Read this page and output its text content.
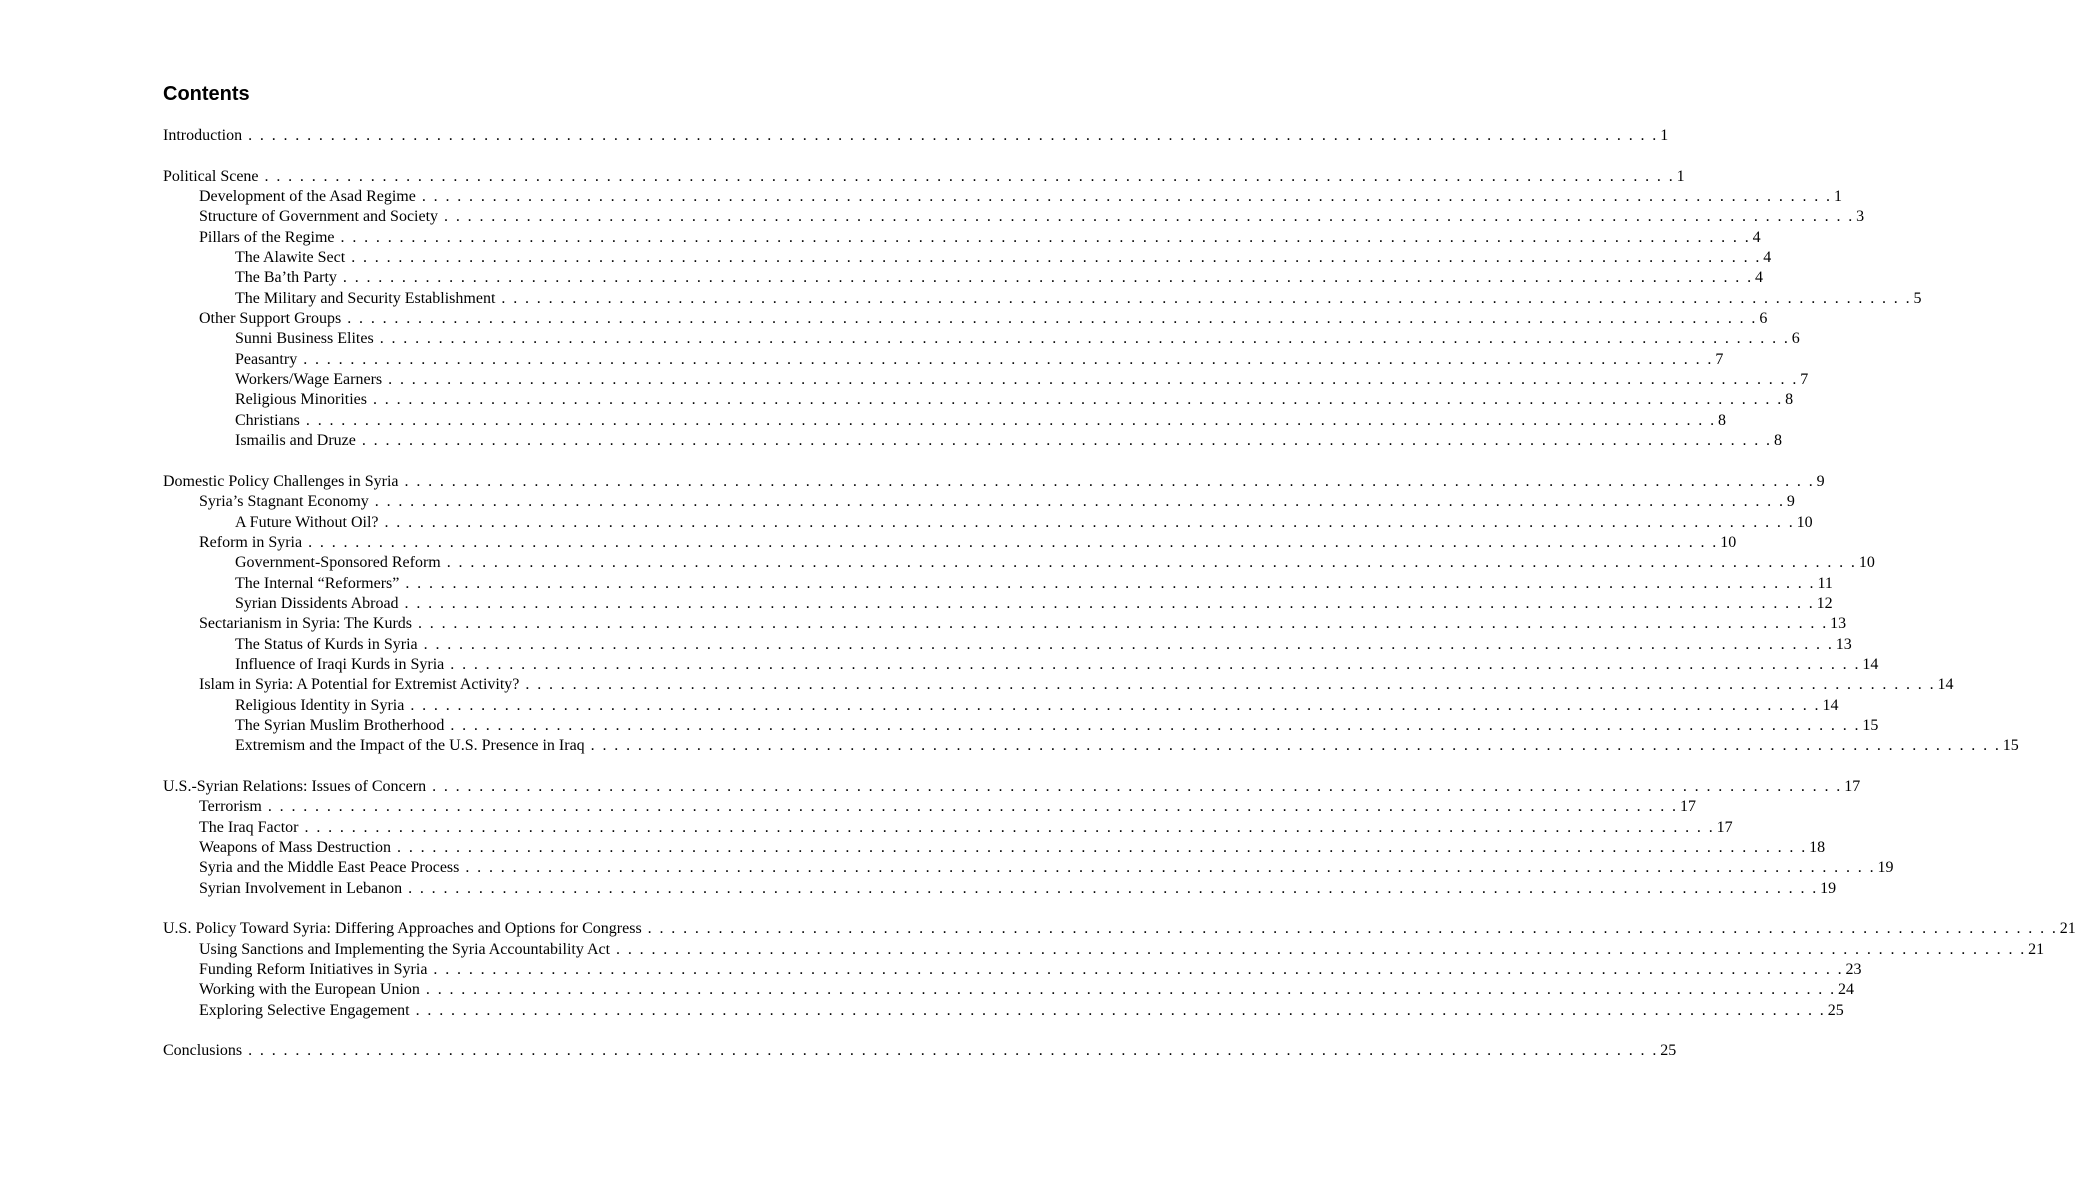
Contents
Introduction . . . . . . . . . . . . . . . . . . . . . . . . . . . . . . . . . . . . . . . . . . . . . . . . . . . . . . . . . . . . . . . . . . . . . . . . . . . . . . . . . . . . . . . . . . . . . . . . . . . . . . . . . . . . . . . . . . . . . . . . 1
Political Scene . . . . . . . . . . . . . . . . . . . . . . . . . . . . . . . . . . . . . . . . . . . . . . . . . . . . . . . . . . . . . . . . . . . . . . . . . . . . . . . . . . . . . . . . . . . . . . . . . . . . . . . . . . . . . . . . . . . . . . . . 1
Development of the Asad Regime . . . . . . . . . . . . . . . . . . . . . . . . . . . . . . . . . . . . . . . . . . . . . . . . . . . . . . . . . . . . . . . . . . . . . . . . . . . . . . . . . . . . . . . . . . . . . . . . . . . . . . . . . . . . . . . . . . . . . . . . 1
Structure of Government and Society . . . . . . . . . . . . . . . . . . . . . . . . . . . . . . . . . . . . . . . . . . . . . . . . . . . . . . . . . . . . . . . . . . . . . . . . . . . . . . . . . . . . . . . . . . . . . . . . . . . . . . . . . . . . . . . . . . . . . . . . 3
Pillars of the Regime . . . . . . . . . . . . . . . . . . . . . . . . . . . . . . . . . . . . . . . . . . . . . . . . . . . . . . . . . . . . . . . . . . . . . . . . . . . . . . . . . . . . . . . . . . . . . . . . . . . . . . . . . . . . . . . . . . . . . . . . 4
The Alawite Sect . . . . . . . . . . . . . . . . . . . . . . . . . . . . . . . . . . . . . . . . . . . . . . . . . . . . . . . . . . . . . . . . . . . . . . . . . . . . . . . . . . . . . . . . . . . . . . . . . . . . . . . . . . . . . . . . . . . . . . . . 4
The Ba’th Party . . . . . . . . . . . . . . . . . . . . . . . . . . . . . . . . . . . . . . . . . . . . . . . . . . . . . . . . . . . . . . . . . . . . . . . . . . . . . . . . . . . . . . . . . . . . . . . . . . . . . . . . . . . . . . . . . . . . . . . . 4
The Military and Security Establishment . . . . . . . . . . . . . . . . . . . . . . . . . . . . . . . . . . . . . . . . . . . . . . . . . . . . . . . . . . . . . . . . . . . . . . . . . . . . . . . . . . . . . . . . . . . . . . . . . . . . . . . . . . . . . . . . . . . . . . . . 5
Other Support Groups . . . . . . . . . . . . . . . . . . . . . . . . . . . . . . . . . . . . . . . . . . . . . . . . . . . . . . . . . . . . . . . . . . . . . . . . . . . . . . . . . . . . . . . . . . . . . . . . . . . . . . . . . . . . . . . . . . . . . . . . 6
Sunni Business Elites . . . . . . . . . . . . . . . . . . . . . . . . . . . . . . . . . . . . . . . . . . . . . . . . . . . . . . . . . . . . . . . . . . . . . . . . . . . . . . . . . . . . . . . . . . . . . . . . . . . . . . . . . . . . . . . . . . . . . . . . 6
Peasantry . . . . . . . . . . . . . . . . . . . . . . . . . . . . . . . . . . . . . . . . . . . . . . . . . . . . . . . . . . . . . . . . . . . . . . . . . . . . . . . . . . . . . . . . . . . . . . . . . . . . . . . . . . . . . . . . . . . . . . . . 7
Workers/Wage Earners . . . . . . . . . . . . . . . . . . . . . . . . . . . . . . . . . . . . . . . . . . . . . . . . . . . . . . . . . . . . . . . . . . . . . . . . . . . . . . . . . . . . . . . . . . . . . . . . . . . . . . . . . . . . . . . . . . . . . . . . 7
Religious Minorities . . . . . . . . . . . . . . . . . . . . . . . . . . . . . . . . . . . . . . . . . . . . . . . . . . . . . . . . . . . . . . . . . . . . . . . . . . . . . . . . . . . . . . . . . . . . . . . . . . . . . . . . . . . . . . . . . . . . . . . . 8
Christians . . . . . . . . . . . . . . . . . . . . . . . . . . . . . . . . . . . . . . . . . . . . . . . . . . . . . . . . . . . . . . . . . . . . . . . . . . . . . . . . . . . . . . . . . . . . . . . . . . . . . . . . . . . . . . . . . . . . . . . . 8
Ismailis and Druze . . . . . . . . . . . . . . . . . . . . . . . . . . . . . . . . . . . . . . . . . . . . . . . . . . . . . . . . . . . . . . . . . . . . . . . . . . . . . . . . . . . . . . . . . . . . . . . . . . . . . . . . . . . . . . . . . . . . . . . . 8
Domestic Policy Challenges in Syria . . . . . . . . . . . . . . . . . . . . . . . . . . . . . . . . . . . . . . . . . . . . . . . . . . . . . . . . . . . . . . . . . . . . . . . . . . . . . . . . . . . . . . . . . . . . . . . . . . . . . . . . . . . . . . . . . . . . . . . . 9
Syria’s Stagnant Economy . . . . . . . . . . . . . . . . . . . . . . . . . . . . . . . . . . . . . . . . . . . . . . . . . . . . . . . . . . . . . . . . . . . . . . . . . . . . . . . . . . . . . . . . . . . . . . . . . . . . . . . . . . . . . . . . . . . . . . . . 9
A Future Without Oil? . . . . . . . . . . . . . . . . . . . . . . . . . . . . . . . . . . . . . . . . . . . . . . . . . . . . . . . . . . . . . . . . . . . . . . . . . . . . . . . . . . . . . . . . . . . . . . . . . . . . . . . . . . . . . . . . . . . . . . . . 10
Reform in Syria . . . . . . . . . . . . . . . . . . . . . . . . . . . . . . . . . . . . . . . . . . . . . . . . . . . . . . . . . . . . . . . . . . . . . . . . . . . . . . . . . . . . . . . . . . . . . . . . . . . . . . . . . . . . . . . . . . . . . . . . 10
Government-Sponsored Reform . . . . . . . . . . . . . . . . . . . . . . . . . . . . . . . . . . . . . . . . . . . . . . . . . . . . . . . . . . . . . . . . . . . . . . . . . . . . . . . . . . . . . . . . . . . . . . . . . . . . . . . . . . . . . . . . . . . . . . . . 10
The Internal “Reformers” . . . . . . . . . . . . . . . . . . . . . . . . . . . . . . . . . . . . . . . . . . . . . . . . . . . . . . . . . . . . . . . . . . . . . . . . . . . . . . . . . . . . . . . . . . . . . . . . . . . . . . . . . . . . . . . . . . . . . . . . 11
Syrian Dissidents Abroad . . . . . . . . . . . . . . . . . . . . . . . . . . . . . . . . . . . . . . . . . . . . . . . . . . . . . . . . . . . . . . . . . . . . . . . . . . . . . . . . . . . . . . . . . . . . . . . . . . . . . . . . . . . . . . . . . . . . . . . . 12
Sectarianism in Syria: The Kurds . . . . . . . . . . . . . . . . . . . . . . . . . . . . . . . . . . . . . . . . . . . . . . . . . . . . . . . . . . . . . . . . . . . . . . . . . . . . . . . . . . . . . . . . . . . . . . . . . . . . . . . . . . . . . . . . . . . . . . . . 13
The Status of Kurds in Syria . . . . . . . . . . . . . . . . . . . . . . . . . . . . . . . . . . . . . . . . . . . . . . . . . . . . . . . . . . . . . . . . . . . . . . . . . . . . . . . . . . . . . . . . . . . . . . . . . . . . . . . . . . . . . . . . . . . . . . . . 13
Influence of Iraqi Kurds in Syria . . . . . . . . . . . . . . . . . . . . . . . . . . . . . . . . . . . . . . . . . . . . . . . . . . . . . . . . . . . . . . . . . . . . . . . . . . . . . . . . . . . . . . . . . . . . . . . . . . . . . . . . . . . . . . . . . . . . . . . . 14
Islam in Syria: A Potential for Extremist Activity? . . . . . . . . . . . . . . . . . . . . . . . . . . . . . . . . . . . . . . . . . . . . . . . . . . . . . . . . . . . . . . . . . . . . . . . . . . . . . . . . . . . . . . . . . . . . . . . . . . . . . . . . . . . . . . . . . . . . . . . . 14
Religious Identity in Syria . . . . . . . . . . . . . . . . . . . . . . . . . . . . . . . . . . . . . . . . . . . . . . . . . . . . . . . . . . . . . . . . . . . . . . . . . . . . . . . . . . . . . . . . . . . . . . . . . . . . . . . . . . . . . . . . . . . . . . . . 14
The Syrian Muslim Brotherhood . . . . . . . . . . . . . . . . . . . . . . . . . . . . . . . . . . . . . . . . . . . . . . . . . . . . . . . . . . . . . . . . . . . . . . . . . . . . . . . . . . . . . . . . . . . . . . . . . . . . . . . . . . . . . . . . . . . . . . . . 15
Extremism and the Impact of the U.S. Presence in Iraq . . . . . . . . . . . . . . . . . . . . . . . . . . . . . . . . . . . . . . . . . . . . . . . . . . . . . . . . . . . . . . . . . . . . . . . . . . . . . . . . . . . . . . . . . . . . . . . . . . . . . . . . . . . . . . . . . . . . . . . . 15
U.S.-Syrian Relations: Issues of Concern . . . . . . . . . . . . . . . . . . . . . . . . . . . . . . . . . . . . . . . . . . . . . . . . . . . . . . . . . . . . . . . . . . . . . . . . . . . . . . . . . . . . . . . . . . . . . . . . . . . . . . . . . . . . . . . . . . . . . . . . 17
Terrorism . . . . . . . . . . . . . . . . . . . . . . . . . . . . . . . . . . . . . . . . . . . . . . . . . . . . . . . . . . . . . . . . . . . . . . . . . . . . . . . . . . . . . . . . . . . . . . . . . . . . . . . . . . . . . . . . . . . . . . . . 17
The Iraq Factor . . . . . . . . . . . . . . . . . . . . . . . . . . . . . . . . . . . . . . . . . . . . . . . . . . . . . . . . . . . . . . . . . . . . . . . . . . . . . . . . . . . . . . . . . . . . . . . . . . . . . . . . . . . . . . . . . . . . . . . . 17
Weapons of Mass Destruction . . . . . . . . . . . . . . . . . . . . . . . . . . . . . . . . . . . . . . . . . . . . . . . . . . . . . . . . . . . . . . . . . . . . . . . . . . . . . . . . . . . . . . . . . . . . . . . . . . . . . . . . . . . . . . . . . . . . . . . . 18
Syria and the Middle East Peace Process . . . . . . . . . . . . . . . . . . . . . . . . . . . . . . . . . . . . . . . . . . . . . . . . . . . . . . . . . . . . . . . . . . . . . . . . . . . . . . . . . . . . . . . . . . . . . . . . . . . . . . . . . . . . . . . . . . . . . . . . 19
Syrian Involvement in Lebanon . . . . . . . . . . . . . . . . . . . . . . . . . . . . . . . . . . . . . . . . . . . . . . . . . . . . . . . . . . . . . . . . . . . . . . . . . . . . . . . . . . . . . . . . . . . . . . . . . . . . . . . . . . . . . . . . . . . . . . . . 19
U.S. Policy Toward Syria: Differing Approaches and Options for Congress . . . . . . . . . . . . . . . . . . . . . . . . . . . . . . . . . . . . . . . . . . . . . . . . . . . . . . . . . . . . . . . . . . . . . . . . . . . . . . . . . . . . . . . . . . . . . . . . . . . . . . . . . . . . . . . . . . . . . . . . 21
Using Sanctions and Implementing the Syria Accountability Act . . . . . . . . . . . . . . . . . . . . . . . . . . . . . . . . . . . . . . . . . . . . . . . . . . . . . . . . . . . . . . . . . . . . . . . . . . . . . . . . . . . . . . . . . . . . . . . . . . . . . . . . . . . . . . . . . . . . . . . . 21
Funding Reform Initiatives in Syria . . . . . . . . . . . . . . . . . . . . . . . . . . . . . . . . . . . . . . . . . . . . . . . . . . . . . . . . . . . . . . . . . . . . . . . . . . . . . . . . . . . . . . . . . . . . . . . . . . . . . . . . . . . . . . . . . . . . . . . . 23
Working with the European Union . . . . . . . . . . . . . . . . . . . . . . . . . . . . . . . . . . . . . . . . . . . . . . . . . . . . . . . . . . . . . . . . . . . . . . . . . . . . . . . . . . . . . . . . . . . . . . . . . . . . . . . . . . . . . . . . . . . . . . . . 24
Exploring Selective Engagement . . . . . . . . . . . . . . . . . . . . . . . . . . . . . . . . . . . . . . . . . . . . . . . . . . . . . . . . . . . . . . . . . . . . . . . . . . . . . . . . . . . . . . . . . . . . . . . . . . . . . . . . . . . . . . . . . . . . . . . . 25
Conclusions . . . . . . . . . . . . . . . . . . . . . . . . . . . . . . . . . . . . . . . . . . . . . . . . . . . . . . . . . . . . . . . . . . . . . . . . . . . . . . . . . . . . . . . . . . . . . . . . . . . . . . . . . . . . . . . . . . . . . . . . 25
